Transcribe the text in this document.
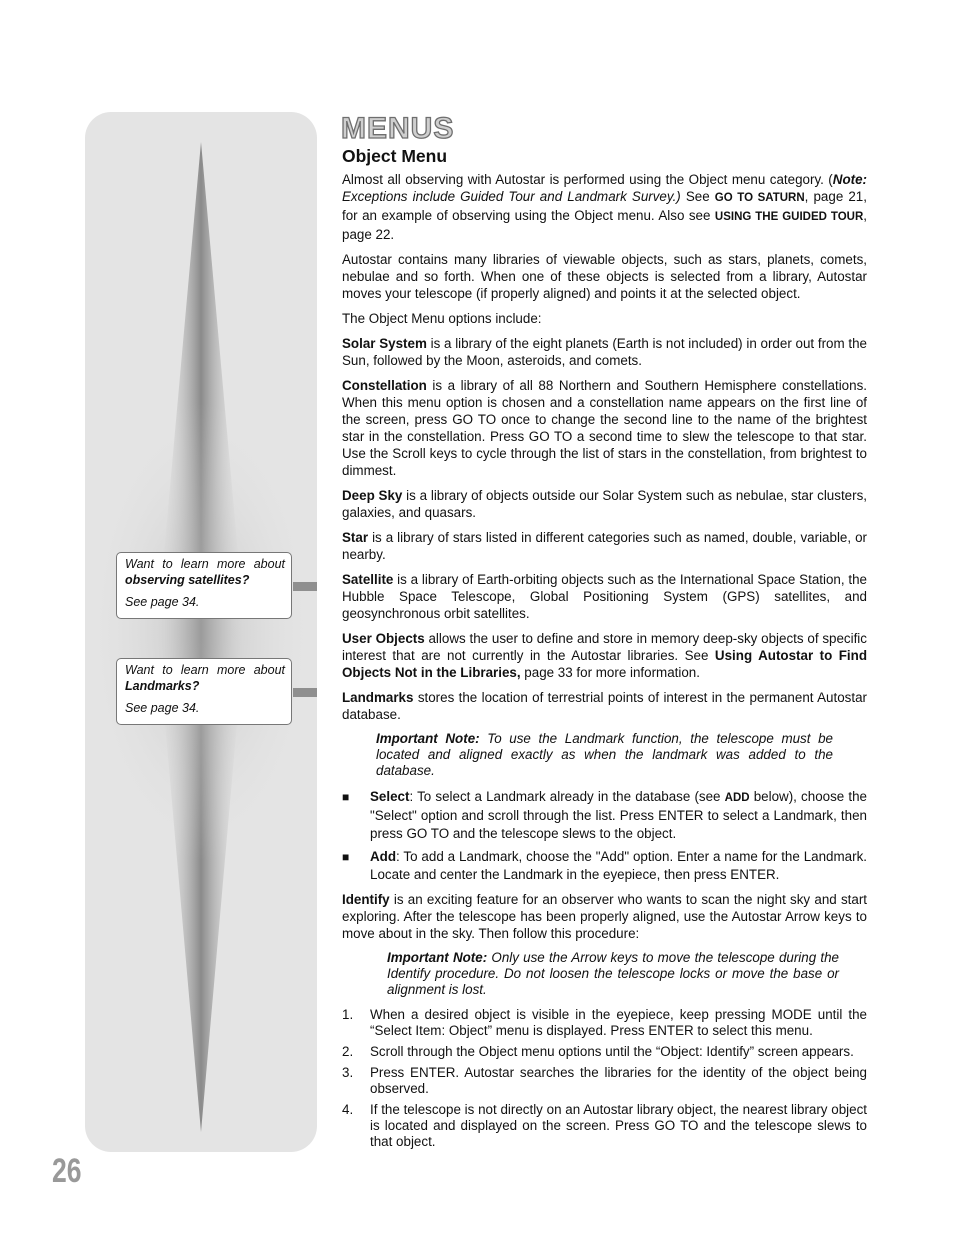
Want to learn more about
observing satellites?
See page 34.
Want to learn more about
Landmarks?
See page 34.
MENUS
26
Object Menu

Almost all observing with Autostar is performed using the Object menu category. (Note: Exceptions include Guided Tour and Landmark Survey.) See GO TO SATURN, page 21, for an example of observing using the Object menu. Also see USING THE GUIDED TOUR, page 22.

Autostar contains many libraries of viewable objects, such as stars, planets, comets, nebulae and so forth. When one of these objects is selected from a library, Autostar moves your telescope (if properly aligned) and points it at the selected object.

The Object Menu options include:

Solar System is a library of the eight planets (Earth is not included) in order out from the Sun, followed by the Moon, asteroids, and comets.

Constellation is a library of all 88 Northern and Southern Hemisphere constellations. When this menu option is chosen and a constellation name appears on the first line of the screen, press GO TO once to change the second line to the name of the brightest star in the constellation. Press GO TO a second time to slew the telescope to that star. Use the Scroll keys to cycle through the list of stars in the constellation, from brightest to dimmest.

Deep Sky is a library of objects outside our Solar System such as nebulae, star clusters, galaxies, and quasars.

Star is a library of stars listed in different categories such as named, double, variable, or nearby.

Satellite is a library of Earth-orbiting objects such as the International Space Station, the Hubble Space Telescope, Global Positioning System (GPS) satellites, and geosynchronous orbit satellites.

User Objects allows the user to define and store in memory deep-sky objects of specific interest that are not currently in the Autostar libraries. See Using Autostar to Find Objects Not in the Libraries, page 33 for more information.

Landmarks stores the location of terrestrial points of interest in the permanent Autostar database.

Important Note: To use the Landmark function, the telescope must be located and aligned exactly as when the landmark was added to the database.
■ Select: To select a Landmark already in the database (see ADD below), choose the "Select" option and scroll through the list. Press ENTER to select a Landmark, then press GO TO and the telescope slews to the object.
■ Add: To add a Landmark, choose the "Add" option. Enter a name for the Landmark. Locate and center the Landmark in the eyepiece, then press ENTER.

Identify is an exciting feature for an observer who wants to scan the night sky and start exploring. After the telescope has been properly aligned, use the Autostar Arrow keys to move about in the sky. Then follow this procedure:

Important Note: Only use the Arrow keys to move the telescope during the Identify procedure. Do not loosen the telescope locks or move the base or alignment is lost.
1. When a desired object is visible in the eyepiece, keep pressing MODE until the “Select Item: Object” menu is displayed. Press ENTER to select this menu.
2. Scroll through the Object menu options until the “Object: Identify” screen appears.
3. Press ENTER. Autostar searches the libraries for the identity of the object being observed.
4. If the telescope is not directly on an Autostar library object, the nearest library object is located and displayed on the screen. Press GO TO and the telescope slews to that object.
